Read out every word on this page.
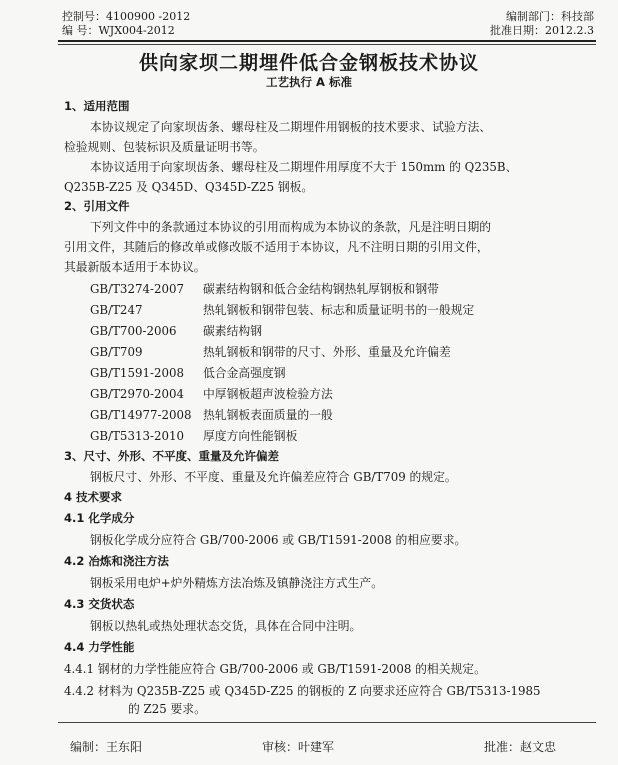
控制号：4100900 -2012
编 号：WJX004-2012
编制部门：科技部
批准日期：2012.2.3
供向家坝二期埋件低合金钢板技术协议
工艺执行 A 标准
1、适用范围
本协议规定了向家坝齿条、螺母柱及二期埋件用钢板的技术要求、试验方法、
检验规则、包装标识及质量证明书等。
本协议适用于向家坝齿条、螺母柱及二期埋件用厚度不大于 150mm 的 Q235B、
Q235B-Z25 及 Q345D、Q345D-Z25 钢板。
2、引用文件
下列文件中的条款通过本协议的引用而构成为本协议的条款，凡是注明日期的
引用文件，其随后的修改单或修改版不适用于本协议，凡不注明日期的引用文件，
其最新版本适用于本协议。
GB/T3274-2007 碳素结构钢和低合金结构钢热轧厚钢板和钢带
GB/T247	热轧钢板和钢带包装、标志和质量证明书的一般规定
GB/T700-2006 碳素结构钢
GB/T709	热轧钢板和钢带的尺寸、外形、重量及允许偏差
GB/T1591-2008 低合金高强度钢
GB/T2970-2004 中厚钢板超声波检验方法
GB/T14977-2008 热轧钢板表面质量的一般
GB/T5313-2010 厚度方向性能钢板
3、尺寸、外形、不平度、重量及允许偏差
钢板尺寸、外形、不平度、重量及允许偏差应符合 GB/T709 的规定。
4 技术要求
4.1 化学成分
钢板化学成分应符合 GB/700-2006 或 GB/T1591-2008 的相应要求。
4.2 冶炼和浇注方法
钢板采用电炉+炉外精炼方法冶炼及镇静浇注方式生产。
4.3 交货状态
钢板以热轧或热处理状态交货，具体在合同中注明。
4.4 力学性能
4.4.1 钢材的力学性能应符合 GB/700-2006 或 GB/T1591-2008 的相关规定。
4.4.2 材料为 Q235B-Z25 或 Q345D-Z25 的钢板的 Z 向要求还应符合 GB/T5313-1985
的 Z25 要求。
编制：王东阳	审核：叶建军	批准：赵文忠
